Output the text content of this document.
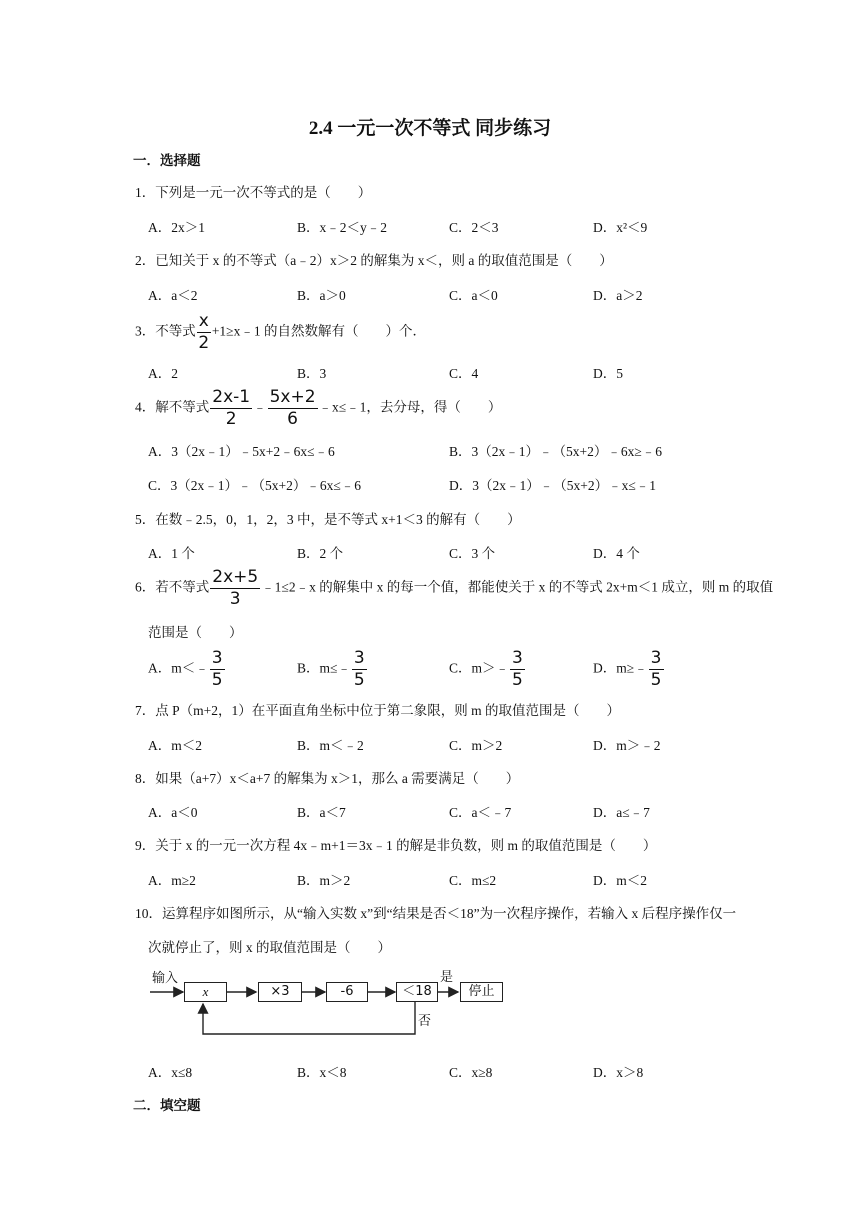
2.4 一元一次不等式 同步练习
一．选择题
1．下列是一元一次不等式的是（　　）
A．2x＞1	B．x﹣2＜y﹣2	C．2＜3	D．x²＜9
2．已知关于 x 的不等式（a﹣2）x＞2 的解集为 x＜，则 a 的取值范围是（　　）
A．a＜2	B．a＞0	C．a＜0	D．a＞2
3．不等式 $\frac{x}{2}$ +1≥x﹣1 的自然数解有（　　）个．
A．2	B．3	C．4	D．5
4．解不等式 $\frac{2x-1}{2}$ ﹣ $\frac{5x+2}{6}$ ﹣x≤﹣1，去分母，得（　　）
A．3（2x﹣1）﹣5x+2﹣6x≤﹣6	B．3（2x﹣1）﹣（5x+2）﹣6x≥﹣6
C．3（2x﹣1）﹣（5x+2）﹣6x≤﹣6	D．3（2x﹣1）﹣（5x+2）﹣x≤﹣1
5．在数﹣2.5，0，1，2，3 中，是不等式 x+1＜3 的解有（　　）
A．1 个	B．2 个	C．3 个	D．4 个
6．若不等式 $\frac{2x+5}{3}$ ﹣1≤2﹣x 的解集中 x 的每一个值，都能使关于 x 的不等式 2x+m＜1 成立，则 m 的取值
范围是（　　）
A．m＜﹣ $\frac{3}{5}$	B．m≤﹣ $\frac{3}{5}$	C．m＞﹣ $\frac{3}{5}$	D．m≥﹣ $\frac{3}{5}$
7．点 P（m+2，1）在平面直角坐标中位于第二象限，则 m 的取值范围是（　　）
A．m＜2	B．m＜﹣2	C．m＞2	D．m＞﹣2
8．如果（a+7）x＜a+7 的解集为 x＞1，那么 a 需要满足（　　）
A．a＜0	B．a＜7	C．a＜﹣7	D．a≤﹣7
9．关于 x 的一元一次方程 4x﹣m+1＝3x﹣1 的解是非负数，则 m 的取值范围是（　　）
A．m≥2	B．m＞2	C．m≤2	D．m＜2
10．运算程序如图所示，从“输入实数 x”到“结果是否＜18”为一次程序操作，若输入 x 后程序操作仅一
次就停止了，则 x 的取值范围是（　　）
输入
x	×3	-6	＜18	停止
是
否
A．x≤8	B．x＜8	C．x≥8	D．x＞8
二．填空题
